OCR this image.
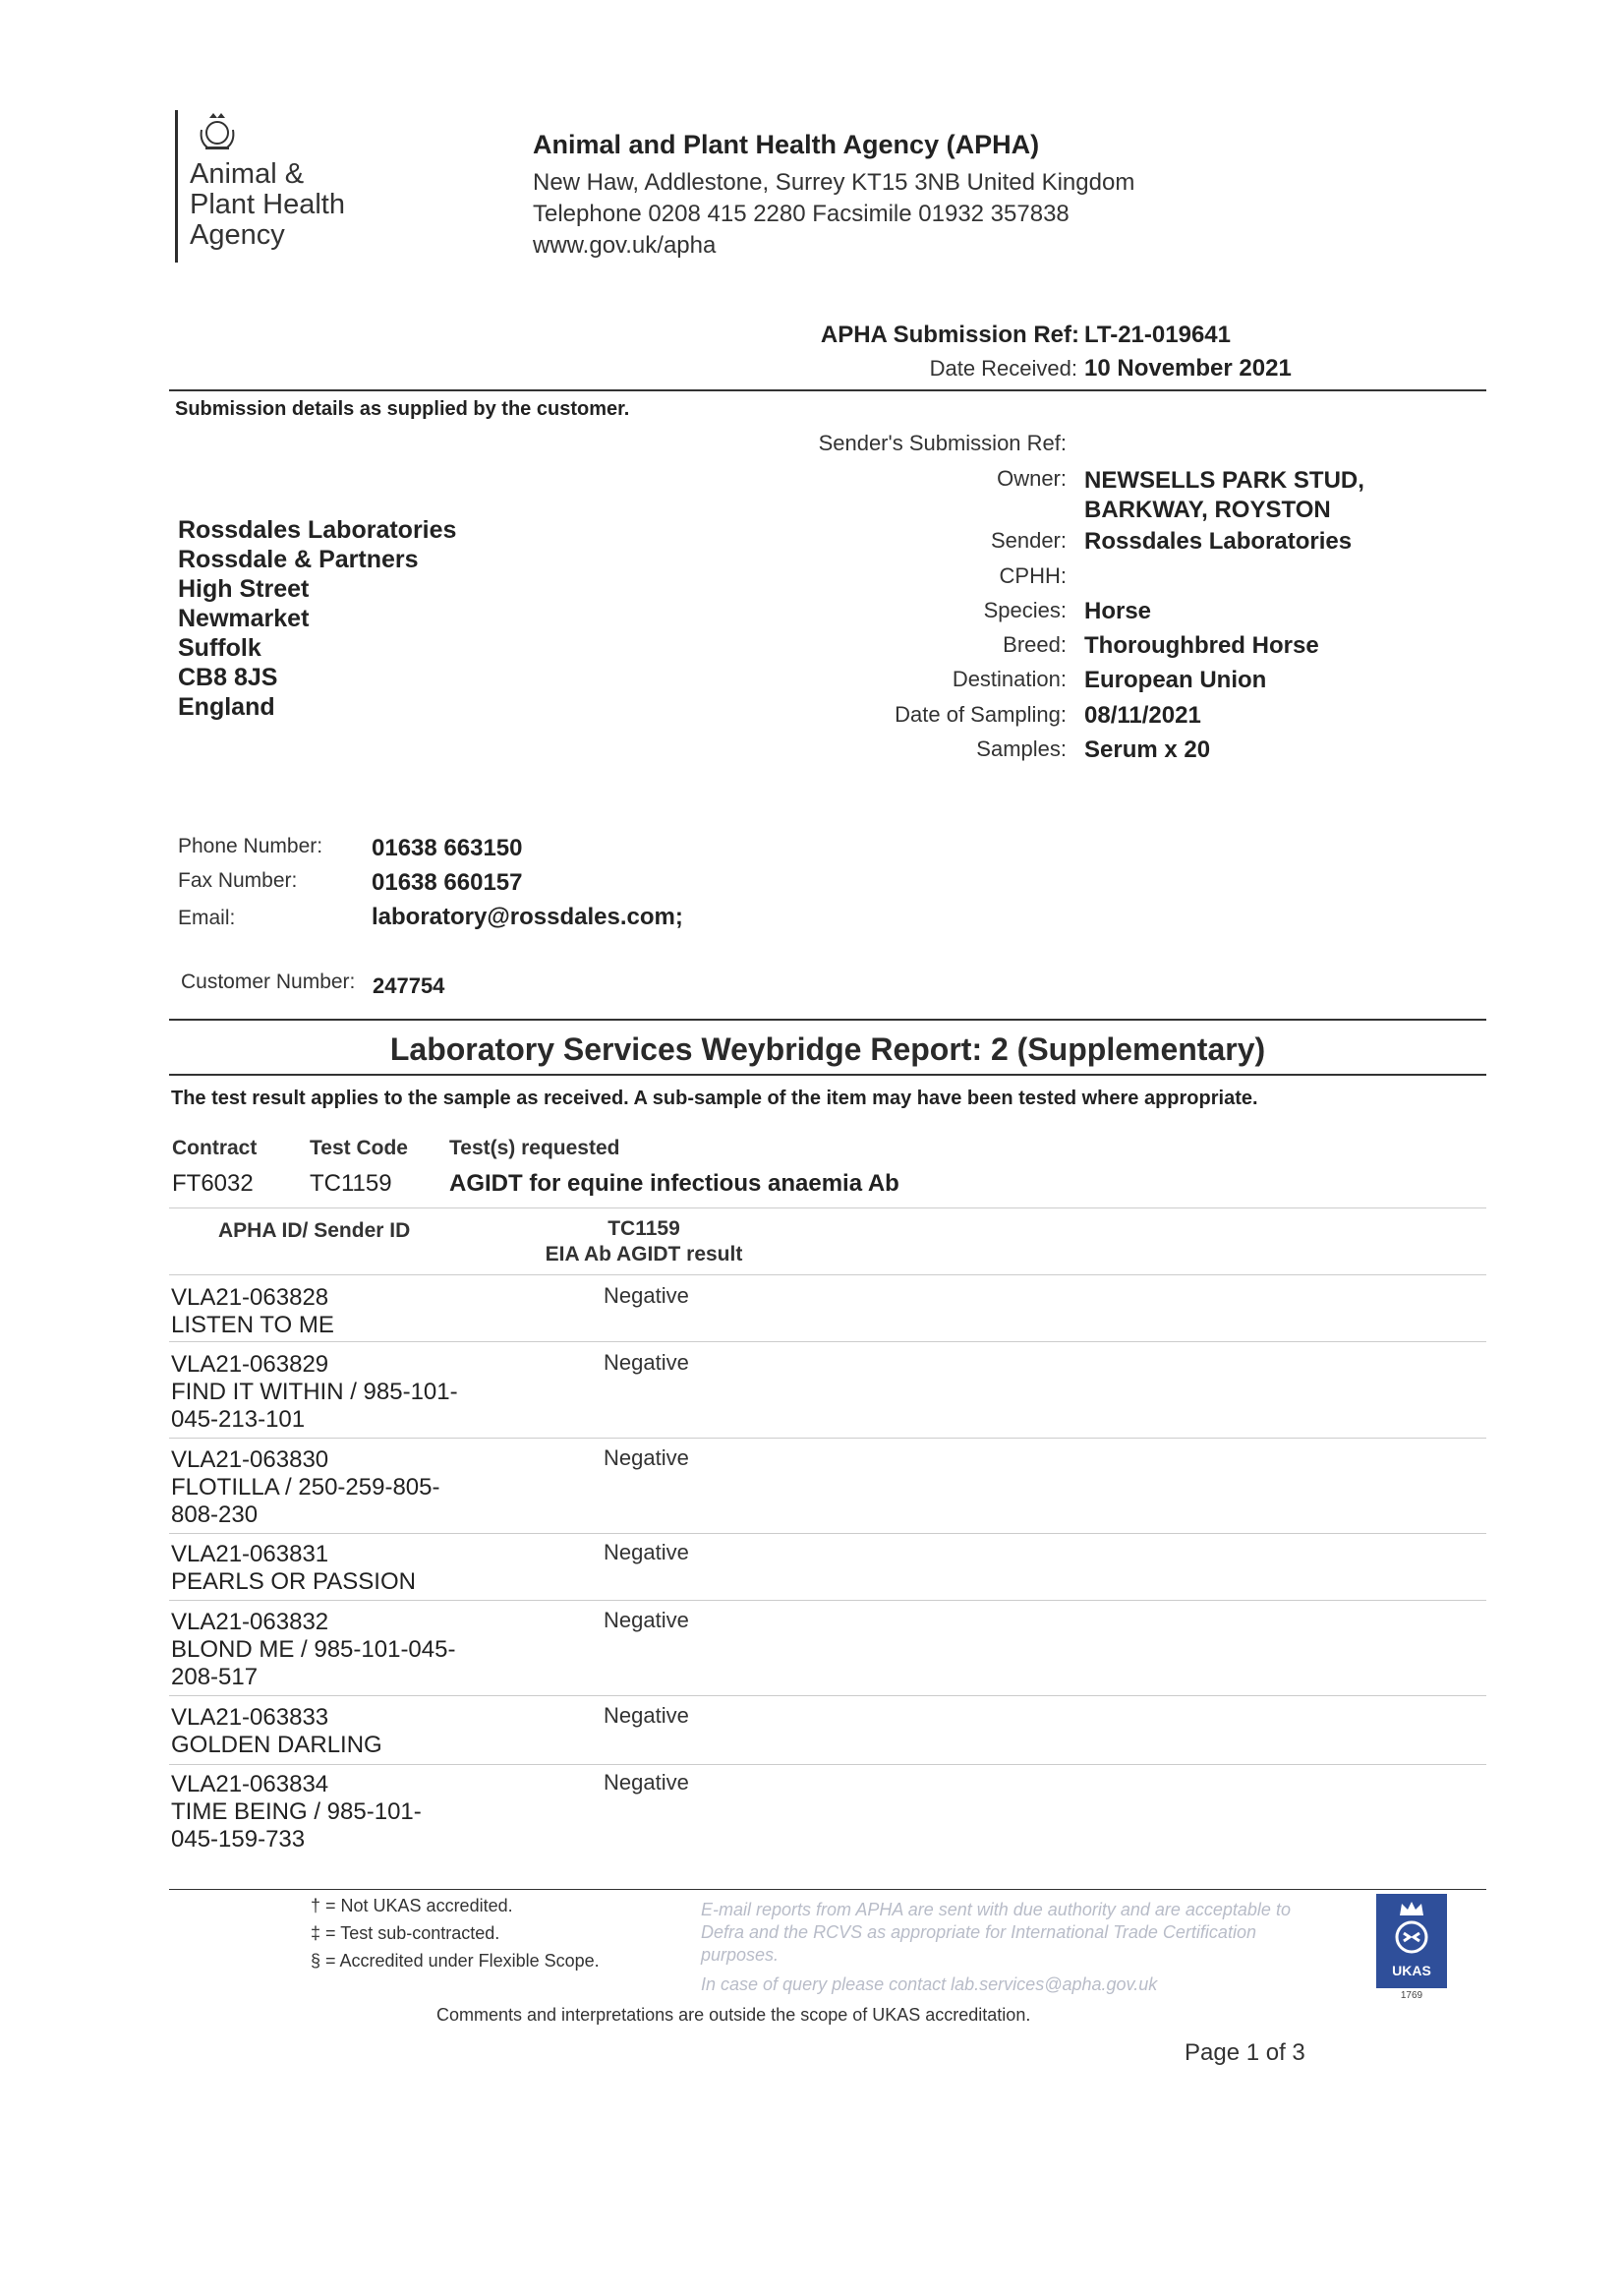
Animal &
Plant Health
Agency
Animal and Plant Health Agency (APHA)
New Haw, Addlestone, Surrey KT15 3NB United Kingdom
Telephone 0208 415 2280 Facsimile 01932 357838
www.gov.uk/apha
APHA Submission Ref: LT-21-019641
Date Received: 10 November 2021
Submission details as supplied by the customer.
Rossdales Laboratories
Rossdale & Partners
High Street
Newmarket
Suffolk
CB8 8JS
England
Sender's Submission Ref:
Owner: NEWSELLS PARK STUD,
BARKWAY, ROYSTON
Sender: Rossdales Laboratories
CPHH:
Species: Horse
Breed: Thoroughbred Horse
Destination: European Union
Date of Sampling: 08/11/2021
Samples: Serum x 20
Phone Number: 01638 663150
Fax Number:	01638 660157
Email:	laboratory@rossdales.com;
Customer Number: 247754
Laboratory Services Weybridge Report: 2 (Supplementary)
The test result applies to the sample as received. A sub-sample of the item may have been tested where appropriate.
Contract	Test Code Test(s) requested
FT6032 TC1159 AGIDT for equine infectious anaemia Ab
APHA ID/ Sender ID	TC1159
EIA Ab AGIDT result
VLA21-063828
LISTEN TO ME
Negative
VLA21-063829
FIND IT WITHIN / 985-101-
045-213-101
Negative
VLA21-063830
FLOTILLA / 250-259-805-
808-230
Negative
VLA21-063831
PEARLS OR PASSION
Negative
VLA21-063832
BLOND ME / 985-101-045-
208-517
Negative
VLA21-063833
GOLDEN DARLING
Negative
VLA21-063834
TIME BEING / 985-101-
045-159-733
Negative
† = Not UKAS accredited.
‡ = Test sub-contracted.
§ = Accredited under Flexible Scope.
E-mail reports from APHA are sent with due authority and are acceptable to Defra and the RCVS as appropriate for International Trade Certification purposes.
In case of query please contact lab.services@apha.gov.uk
UKAS
1769
Comments and interpretations are outside the scope of UKAS accreditation.
Page 1 of 3
